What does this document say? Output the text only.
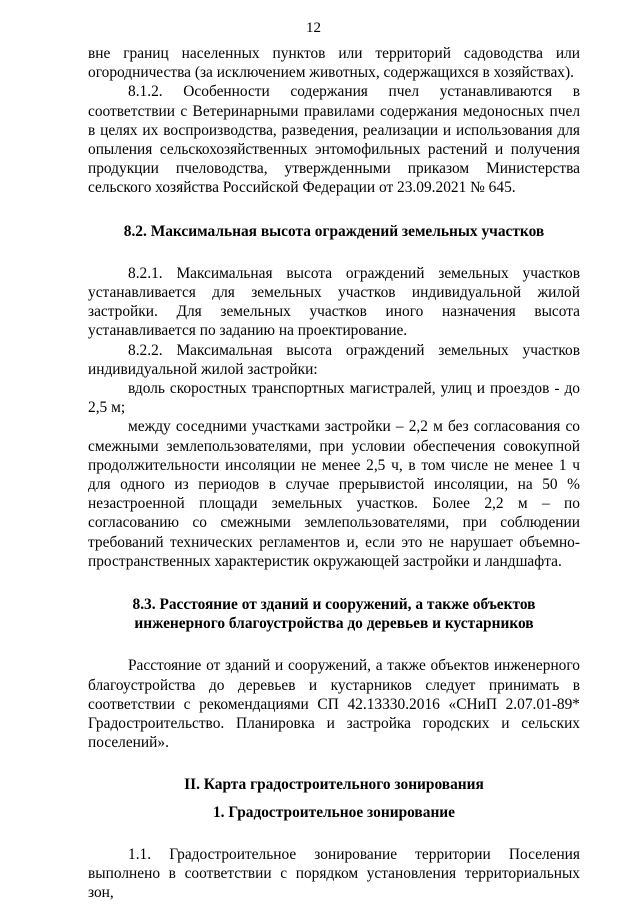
12

вне границ населенных пунктов или территорий садоводства или огородничества (за исключением животных, содержащихся в хозяйствах).

8.1.2. Особенности содержания пчел устанавливаются в соответствии с Ветеринарными правилами содержания медоносных пчел в целях их воспроизводства, разведения, реализации и использования для опыления сельскохозяйственных энтомофильных растений и получения продукции пчеловодства, утвержденными приказом Министерства сельского хозяйства Российской Федерации от 23.09.2021 № 645.

8.2. Максимальная высота ограждений земельных участков

8.2.1. Максимальная высота ограждений земельных участков устанавливается для земельных участков индивидуальной жилой застройки. Для земельных участков иного назначения высота устанавливается по заданию на проектирование.

8.2.2. Максимальная высота ограждений земельных участков индивидуальной жилой застройки:

вдоль скоростных транспортных магистралей, улиц и проездов - до 2,5 м;

между соседними участками застройки – 2,2 м без согласования со смежными землепользователями, при условии обеспечения совокупной продолжительности инсоляции не менее 2,5 ч, в том числе не менее 1 ч для одного из периодов в случае прерывистой инсоляции, на 50 % незастроенной площади земельных участков. Более 2,2 м – по согласованию со смежными землепользователями, при соблюдении требований технических регламентов и, если это не нарушает объемно-пространственных характеристик окружающей застройки и ландшафта.

8.3. Расстояние от зданий и сооружений, а также объектов инженерного благоустройства до деревьев и кустарников

Расстояние от зданий и сооружений, а также объектов инженерного благоустройства до деревьев и кустарников следует принимать в соответствии с рекомендациями СП 42.13330.2016 «СНиП 2.07.01-89* Градостроительство. Планировка и застройка городских и сельских поселений».

II. Карта градостроительного зонирования

1. Градостроительное зонирование

1.1. Градостроительное зонирование территории Поселения выполнено в соответствии с порядком установления территориальных зон,
